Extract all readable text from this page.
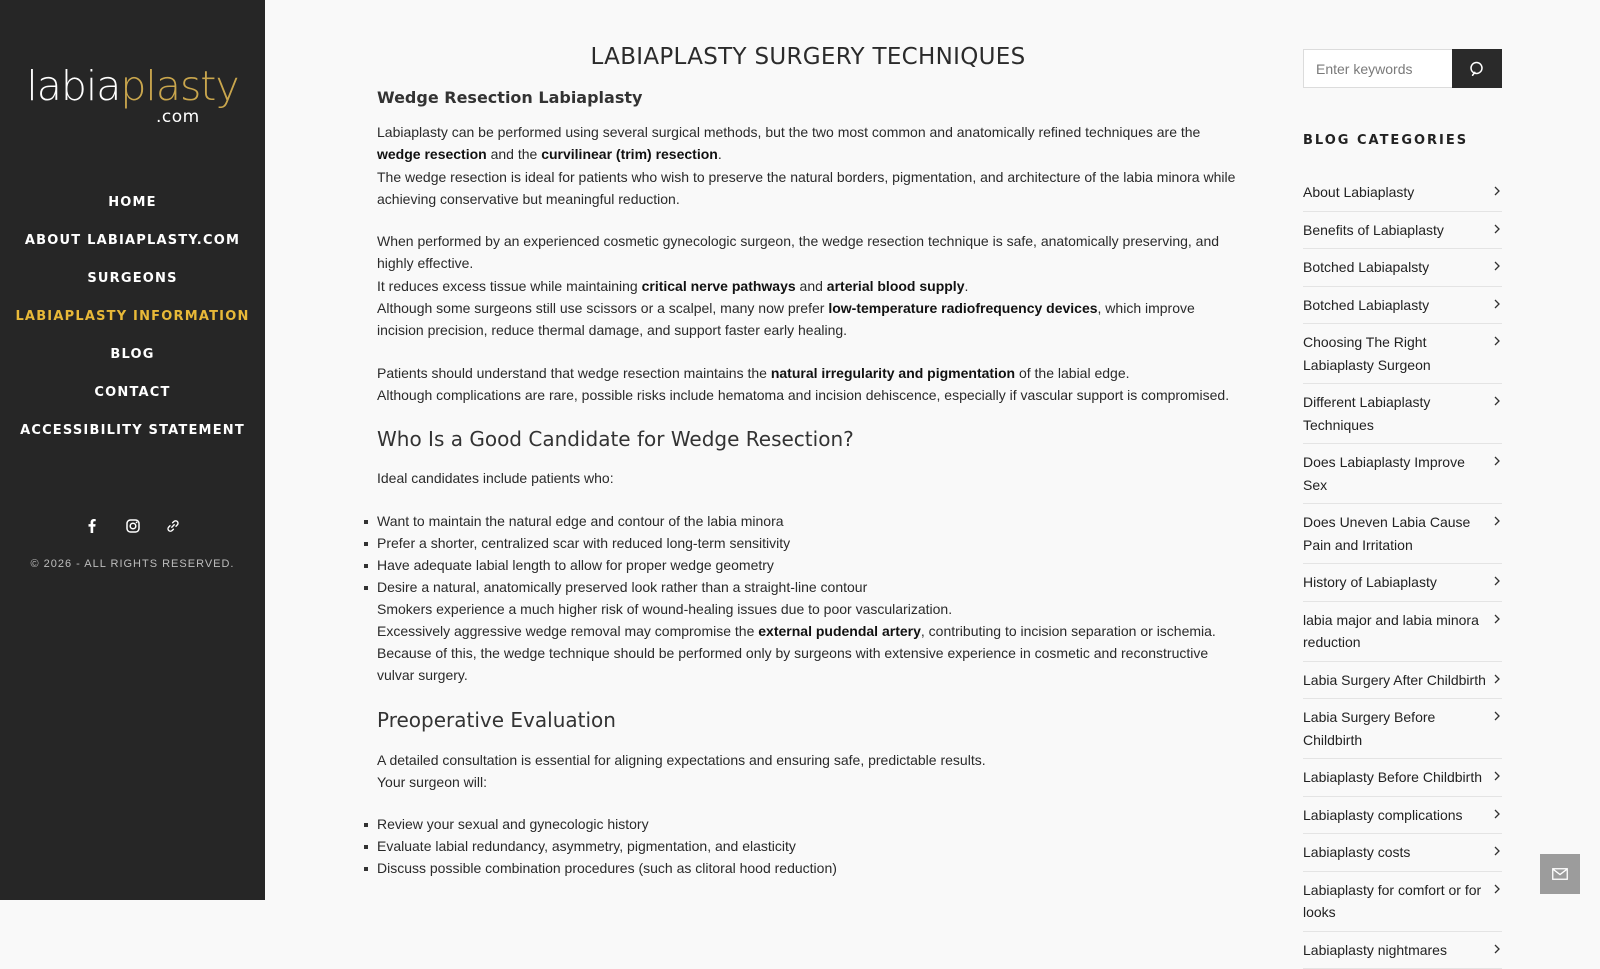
labiaplasty
.com
HOME
ABOUT LABIAPLASTY.COM
SURGEONS
LABIAPLASTY INFORMATION
BLOG
CONTACT
ACCESSIBILITY STATEMENT

© 2026 - ALL RIGHTS RESERVED.
LABIAPLASTY SURGERY TECHNIQUES
Wedge Resection Labiaplasty

Labiaplasty can be performed using several surgical methods, but the two most common and anatomically refined techniques are the wedge resection and the curvilinear (trim) resection.

The wedge resection is ideal for patients who wish to preserve the natural borders, pigmentation, and architecture of the labia minora while achieving conservative but meaningful reduction.

When performed by an experienced cosmetic gynecologic surgeon, the wedge resection technique is safe, anatomically preserving, and highly effective.

It reduces excess tissue while maintaining critical nerve pathways and arterial blood supply.

Although some surgeons still use scissors or a scalpel, many now prefer low-temperature radiofrequency devices, which improve incision precision, reduce thermal damage, and support faster early healing.

Patients should understand that wedge resection maintains the natural irregularity and pigmentation of the labial edge.

Although complications are rare, possible risks include hematoma and incision dehiscence, especially if vascular support is compromised.

Who Is a Good Candidate for Wedge Resection?

Ideal candidates include patients who:

Want to maintain the natural edge and contour of the labia minora
Prefer a shorter, centralized scar with reduced long-term sensitivity
Have adequate labial length to allow for proper wedge geometry
Desire a natural, anatomically preserved look rather than a straight-line contour

Smokers experience a much higher risk of wound-healing issues due to poor vascularization.

Excessively aggressive wedge removal may compromise the external pudendal artery, contributing to incision separation or ischemia.

Because of this, the wedge technique should be performed only by surgeons with extensive experience in cosmetic and reconstructive vulvar surgery.

Preoperative Evaluation

A detailed consultation is essential for aligning expectations and ensuring safe, predictable results.

Your surgeon will:

Review your sexual and gynecologic history
Evaluate labial redundancy, asymmetry, pigmentation, and elasticity
Discuss possible combination procedures (such as clitoral hood reduction)
Enter keywords
BLOG CATEGORIES
About Labiaplasty
Benefits of Labiaplasty
Botched Labiapalsty
Botched Labiaplasty
Choosing The Right Labiaplasty Surgeon
Different Labiaplasty Techniques
Does Labiaplasty Improve Sex
Does Uneven Labia Cause Pain and Irritation
History of Labiaplasty
labia major and labia minora reduction
Labia Surgery After Childbirth
Labia Surgery Before Childbirth
Labiaplasty Before Childbirth
Labiaplasty complications
Labiaplasty costs
Labiaplasty for comfort or for looks
Labiaplasty nightmares
